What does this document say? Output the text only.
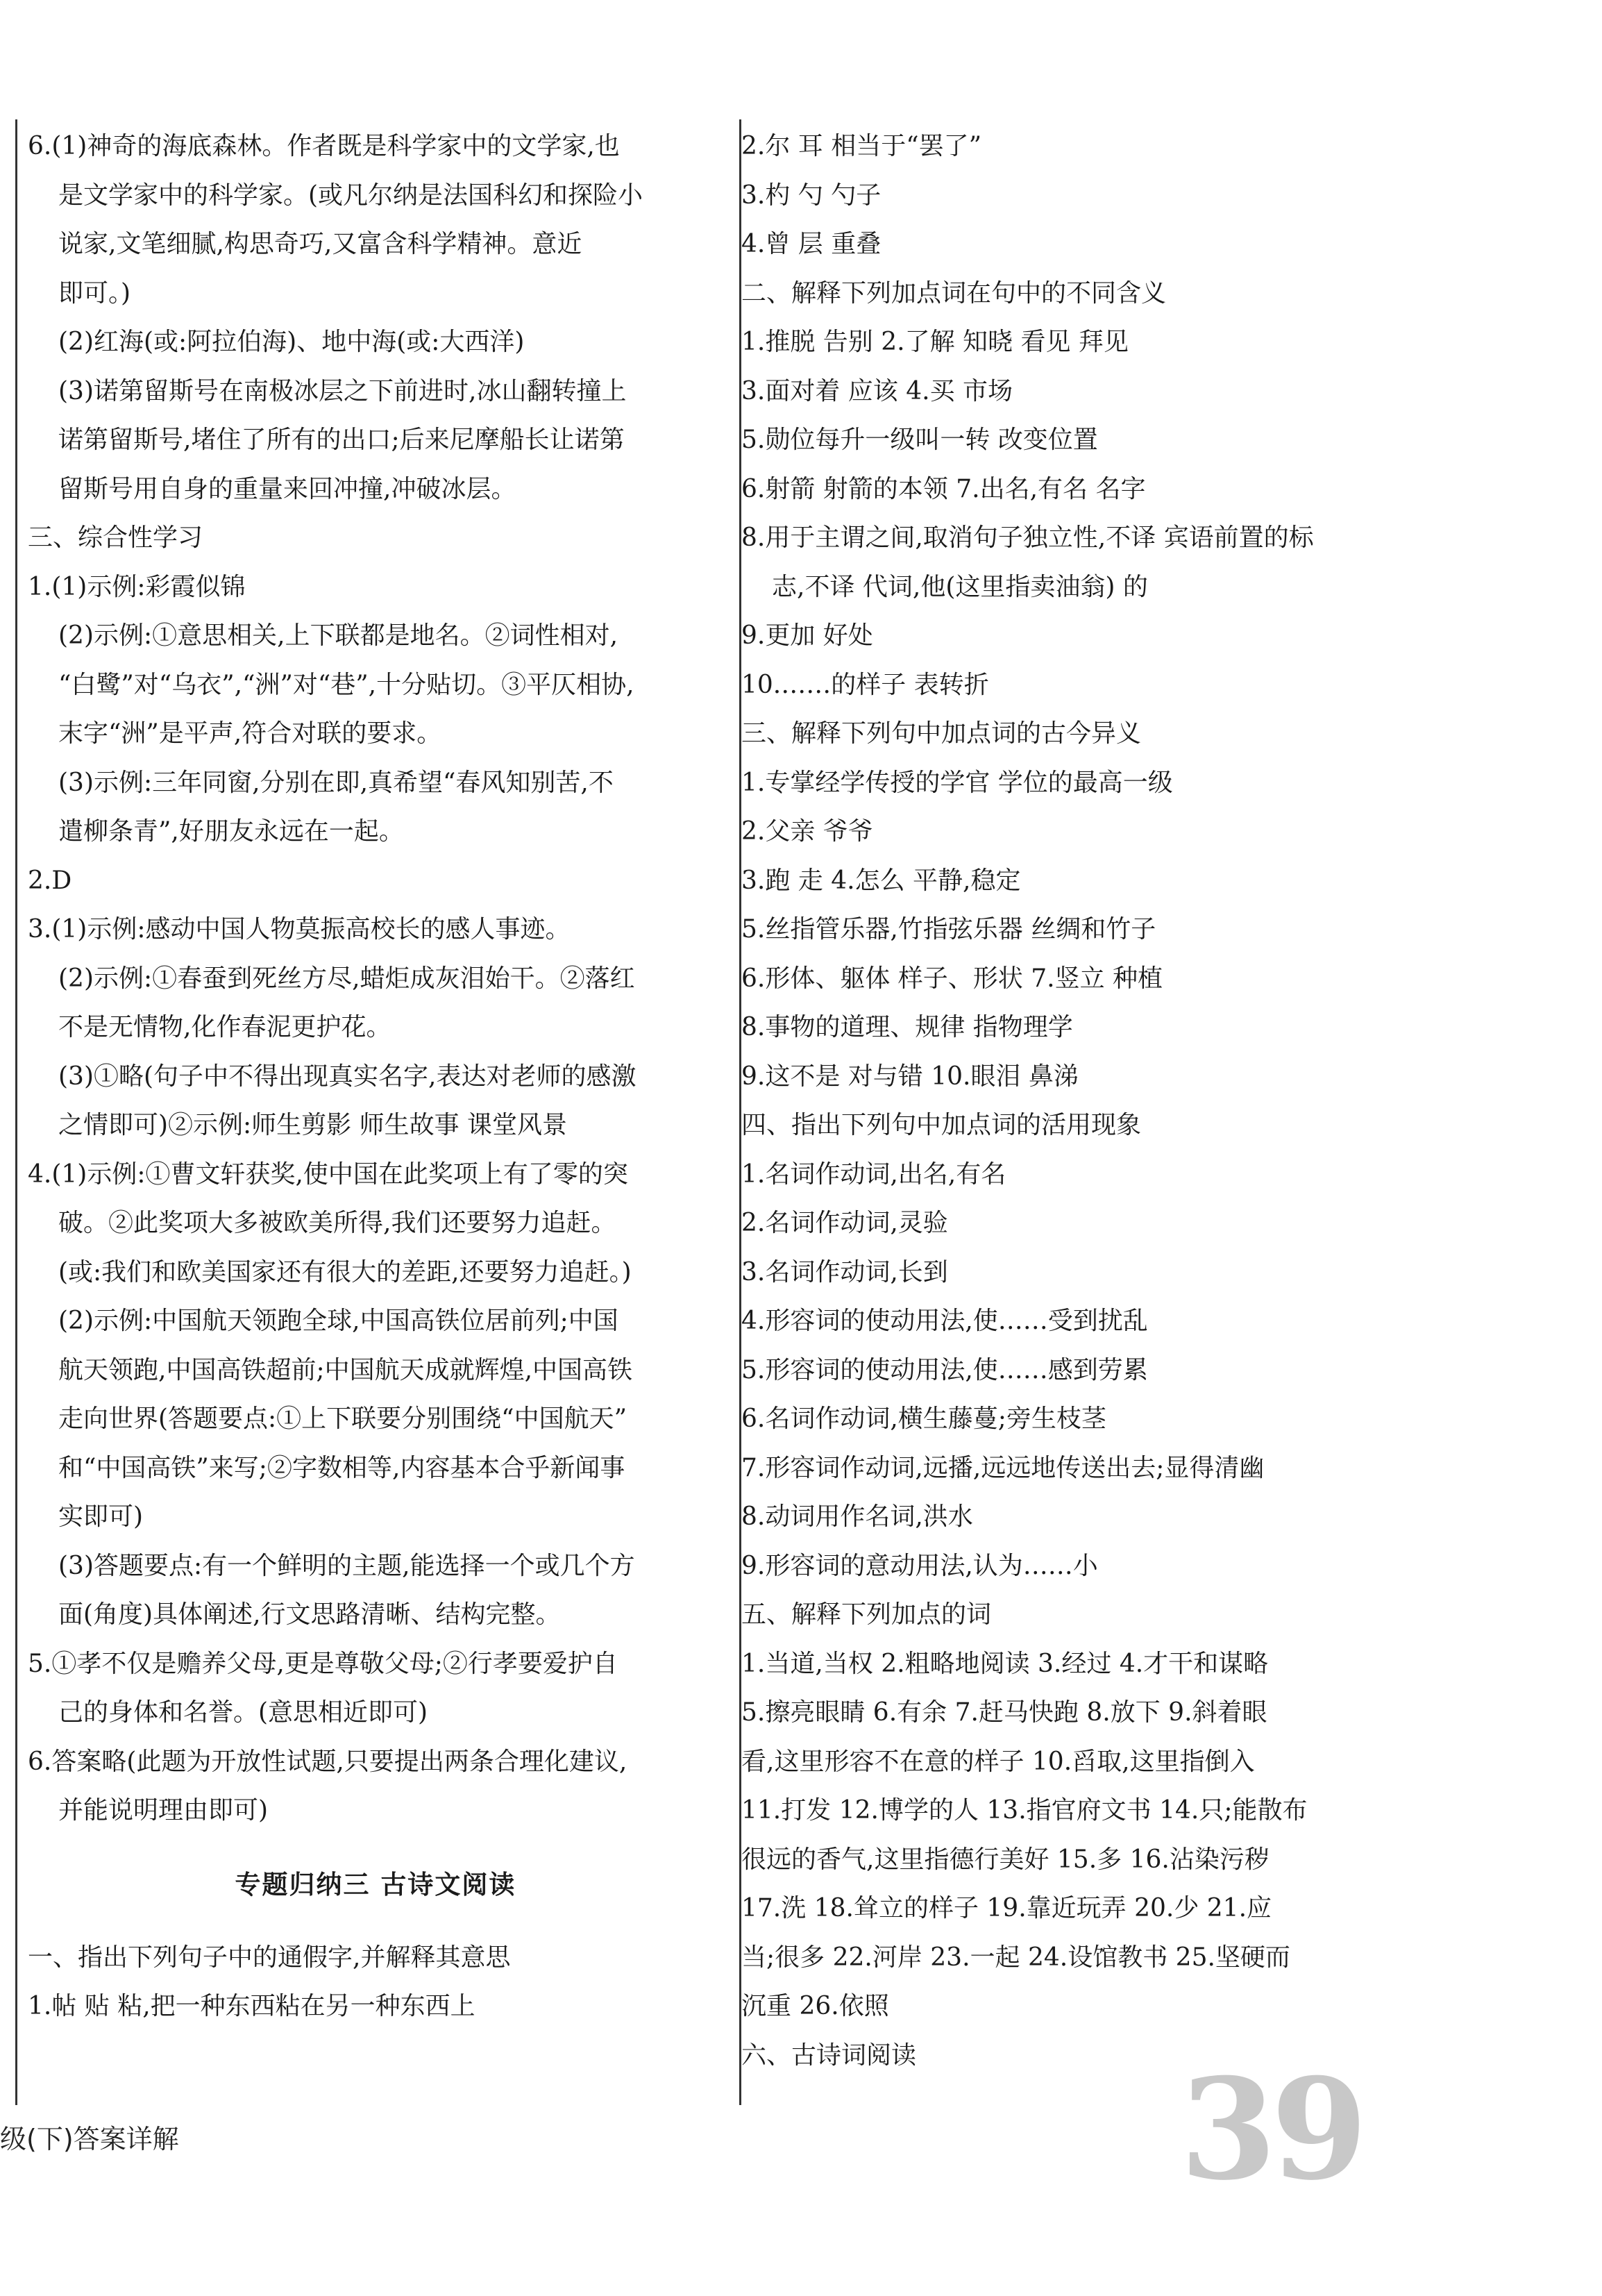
6.(1)神奇的海底森林。作者既是科学家中的文学家,也
是文学家中的科学家。(或凡尔纳是法国科幻和探险小
说家,文笔细腻,构思奇巧,又富含科学精神。意近
即可。)
(2)红海(或:阿拉伯海)、地中海(或:大西洋)
(3)诺第留斯号在南极冰层之下前进时,冰山翻转撞上
诺第留斯号,堵住了所有的出口;后来尼摩船长让诺第
留斯号用自身的重量来回冲撞,冲破冰层。
三、综合性学习
1.(1)示例:彩霞似锦
(2)示例:①意思相关,上下联都是地名。②词性相对,
“白鹭”对“乌衣”,“洲”对“巷”,十分贴切。③平仄相协,
末字“洲”是平声,符合对联的要求。
(3)示例:三年同窗,分别在即,真希望“春风知别苦,不
遣柳条青”,好朋友永远在一起。
2.D
3.(1)示例:感动中国人物莫振高校长的感人事迹。
(2)示例:①春蚕到死丝方尽,蜡炬成灰泪始干。②落红
不是无情物,化作春泥更护花。
(3)①略(句子中不得出现真实名字,表达对老师的感激
之情即可)②示例:师生剪影 师生故事 课堂风景
4.(1)示例:①曹文轩获奖,使中国在此奖项上有了零的突
破。②此奖项大多被欧美所得,我们还要努力追赶。
(或:我们和欧美国家还有很大的差距,还要努力追赶。)
(2)示例:中国航天领跑全球,中国高铁位居前列;中国
航天领跑,中国高铁超前;中国航天成就辉煌,中国高铁
走向世界(答题要点:①上下联要分别围绕“中国航天”
和“中国高铁”来写;②字数相等,内容基本合乎新闻事
实即可)
(3)答题要点:有一个鲜明的主题,能选择一个或几个方
面(角度)具体阐述,行文思路清晰、结构完整。
5.①孝不仅是赡养父母,更是尊敬父母;②行孝要爱护自
己的身体和名誉。(意思相近即可)
6.答案略(此题为开放性试题,只要提出两条合理化建议,
并能说明理由即可)
专题归纳三 古诗文阅读
一、指出下列句子中的通假字,并解释其意思
1.帖 贴 粘,把一种东西粘在另一种东西上
2.尔 耳 相当于“罢了”
3.杓 勺 勺子
4.曾 层 重叠
二、解释下列加点词在句中的不同含义
1.推脱 告别 2.了解 知晓 看见 拜见
3.面对着 应该 4.买 市场
5.勋位每升一级叫一转 改变位置
6.射箭 射箭的本领 7.出名,有名 名字
8.用于主谓之间,取消句子独立性,不译 宾语前置的标
志,不译 代词,他(这里指卖油翁) 的
9.更加 好处
10.……的样子 表转折
三、解释下列句中加点词的古今异义
1.专掌经学传授的学官 学位的最高一级
2.父亲 爷爷
3.跑 走 4.怎么 平静,稳定
5.丝指管乐器,竹指弦乐器 丝绸和竹子
6.形体、躯体 样子、形状 7.竖立 种植
8.事物的道理、规律 指物理学
9.这不是 对与错 10.眼泪 鼻涕
四、指出下列句中加点词的活用现象
1.名词作动词,出名,有名
2.名词作动词,灵验
3.名词作动词,长到
4.形容词的使动用法,使……受到扰乱
5.形容词的使动用法,使……感到劳累
6.名词作动词,横生藤蔓;旁生枝茎
7.形容词作动词,远播,远远地传送出去;显得清幽
8.动词用作名词,洪水
9.形容词的意动用法,认为……小
五、解释下列加点的词
1.当道,当权 2.粗略地阅读 3.经过 4.才干和谋略
5.擦亮眼睛 6.有余 7.赶马快跑 8.放下 9.斜着眼
看,这里形容不在意的样子 10.舀取,这里指倒入
11.打发 12.博学的人 13.指官府文书 14.只;能散布
很远的香气,这里指德行美好 15.多 16.沾染污秽
17.洗 18.耸立的样子 19.靠近玩弄 20.少 21.应
当;很多 22.河岸 23.一起 24.设馆教书 25.坚硬而
沉重 26.依照
六、古诗词阅读
级(下)答案详解	39
